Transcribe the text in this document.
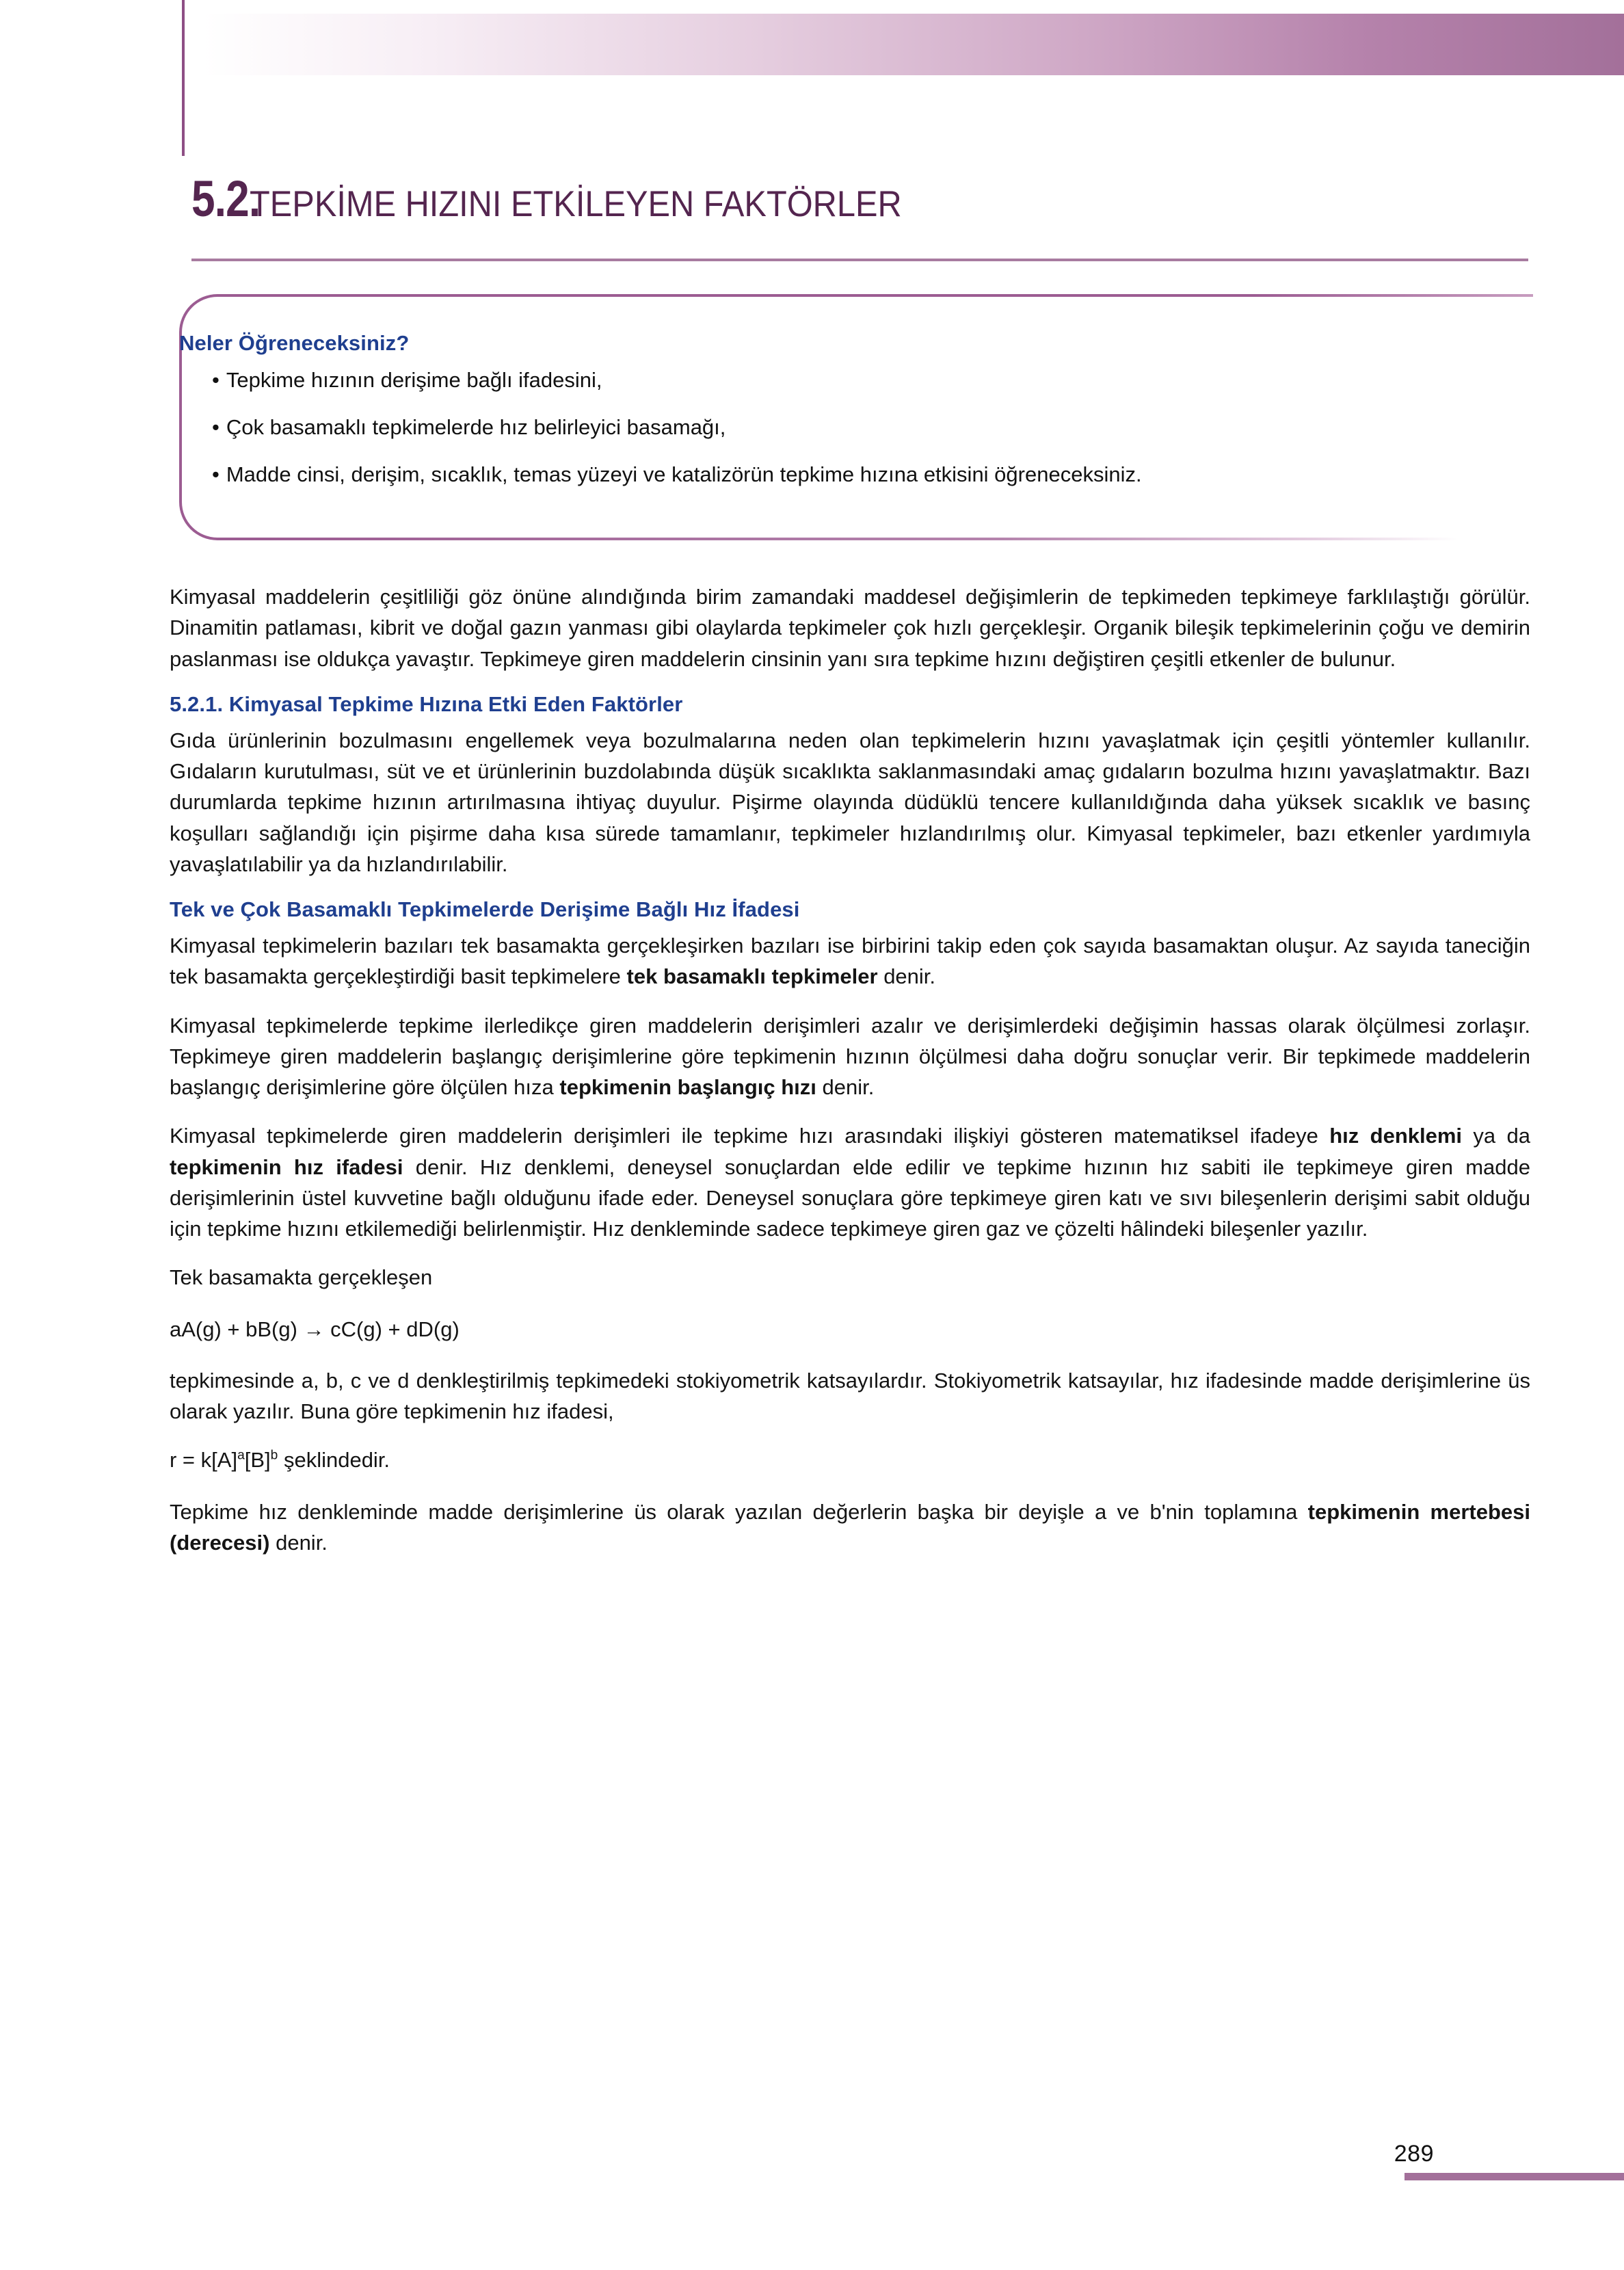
5.2.
TEPKİME HIZINI ETKİLEYEN FAKTÖRLER
Neler Öğreneceksiniz?
• Tepkime hızının derişime bağlı ifadesini,
• Çok basamaklı tepkimelerde hız belirleyici basamağı,
• Madde cinsi, derişim, sıcaklık, temas yüzeyi ve katalizörün tepkime hızına etkisini öğreneceksiniz.

Kimyasal maddelerin çeşitliliği göz önüne alındığında birim zamandaki maddesel değişimlerin de tepkimeden tepkimeye farklılaştığı görülür. Dinamitin patlaması, kibrit ve doğal gazın yanması gibi olaylarda tepkimeler çok hızlı gerçekleşir. Organik bileşik tepkimelerinin çoğu ve demirin paslanması ise oldukça yavaştır. Tepkimeye giren maddelerin cinsinin yanı sıra tepkime hızını değiştiren çeşitli etkenler de bulunur.

5.2.1. Kimyasal Tepkime Hızına Etki Eden Faktörler

Gıda ürünlerinin bozulmasını engellemek veya bozulmalarına neden olan tepkimelerin hızını yavaşlatmak için çeşitli yöntemler kullanılır. Gıdaların kurutulması, süt ve et ürünlerinin buzdolabında düşük sıcaklıkta saklanmasındaki amaç gıdaların bozulma hızını yavaşlatmaktır. Bazı durumlarda tepkime hızının artırılmasına ihtiyaç duyulur. Pişirme olayında düdüklü tencere kullanıldığında daha yüksek sıcaklık ve basınç koşulları sağlandığı için pişirme daha kısa sürede tamamlanır, tepkimeler hızlandırılmış olur. Kimyasal tepkimeler, bazı etkenler yardımıyla yavaşlatılabilir ya da hızlandırılabilir.

Tek ve Çok Basamaklı Tepkimelerde Derişime Bağlı Hız İfadesi

Kimyasal tepkimelerin bazıları tek basamakta gerçekleşirken bazıları ise birbirini takip eden çok sayıda basamaktan oluşur. Az sayıda taneciğin tek basamakta gerçekleştirdiği basit tepkimelere tek basamaklı tepkimeler denir.

Kimyasal tepkimelerde tepkime ilerledikçe giren maddelerin derişimleri azalır ve derişimlerdeki değişimin hassas olarak ölçülmesi zorlaşır. Tepkimeye giren maddelerin başlangıç derişimlerine göre tepkimenin hızının ölçülmesi daha doğru sonuçlar verir. Bir tepkimede maddelerin başlangıç derişimlerine göre ölçülen hıza tepkimenin başlangıç hızı denir.

Kimyasal tepkimelerde giren maddelerin derişimleri ile tepkime hızı arasındaki ilişkiyi gösteren matematiksel ifadeye hız denklemi ya da tepkimenin hız ifadesi denir. Hız denklemi, deneysel sonuçlardan elde edilir ve tepkime hızının hız sabiti ile tepkimeye giren madde derişimlerinin üstel kuvvetine bağlı olduğunu ifade eder. Deneysel sonuçlara göre tepkimeye giren katı ve sıvı bileşenlerin derişimi sabit olduğu için tepkime hızını etkilemediği belirlenmiştir. Hız denkleminde sadece tepkimeye giren gaz ve çözelti hâlindeki bileşenler yazılır.

Tek basamakta gerçekleşen

aA(g) + bB(g) → cC(g) + dD(g)

tepkimesinde a, b, c ve d denkleştirilmiş tepkimedeki stokiyometrik katsayılardır. Stokiyometrik katsayılar, hız ifadesinde madde derişimlerine üs olarak yazılır. Buna göre tepkimenin hız ifadesi,

$r = k[A]^a[B]^b$ şeklindedir.

Tepkime hız denkleminde madde derişimlerine üs olarak yazılan değerlerin başka bir deyişle a ve b'nin toplamına tepkimenin mertebesi (derecesi) denir.

289
